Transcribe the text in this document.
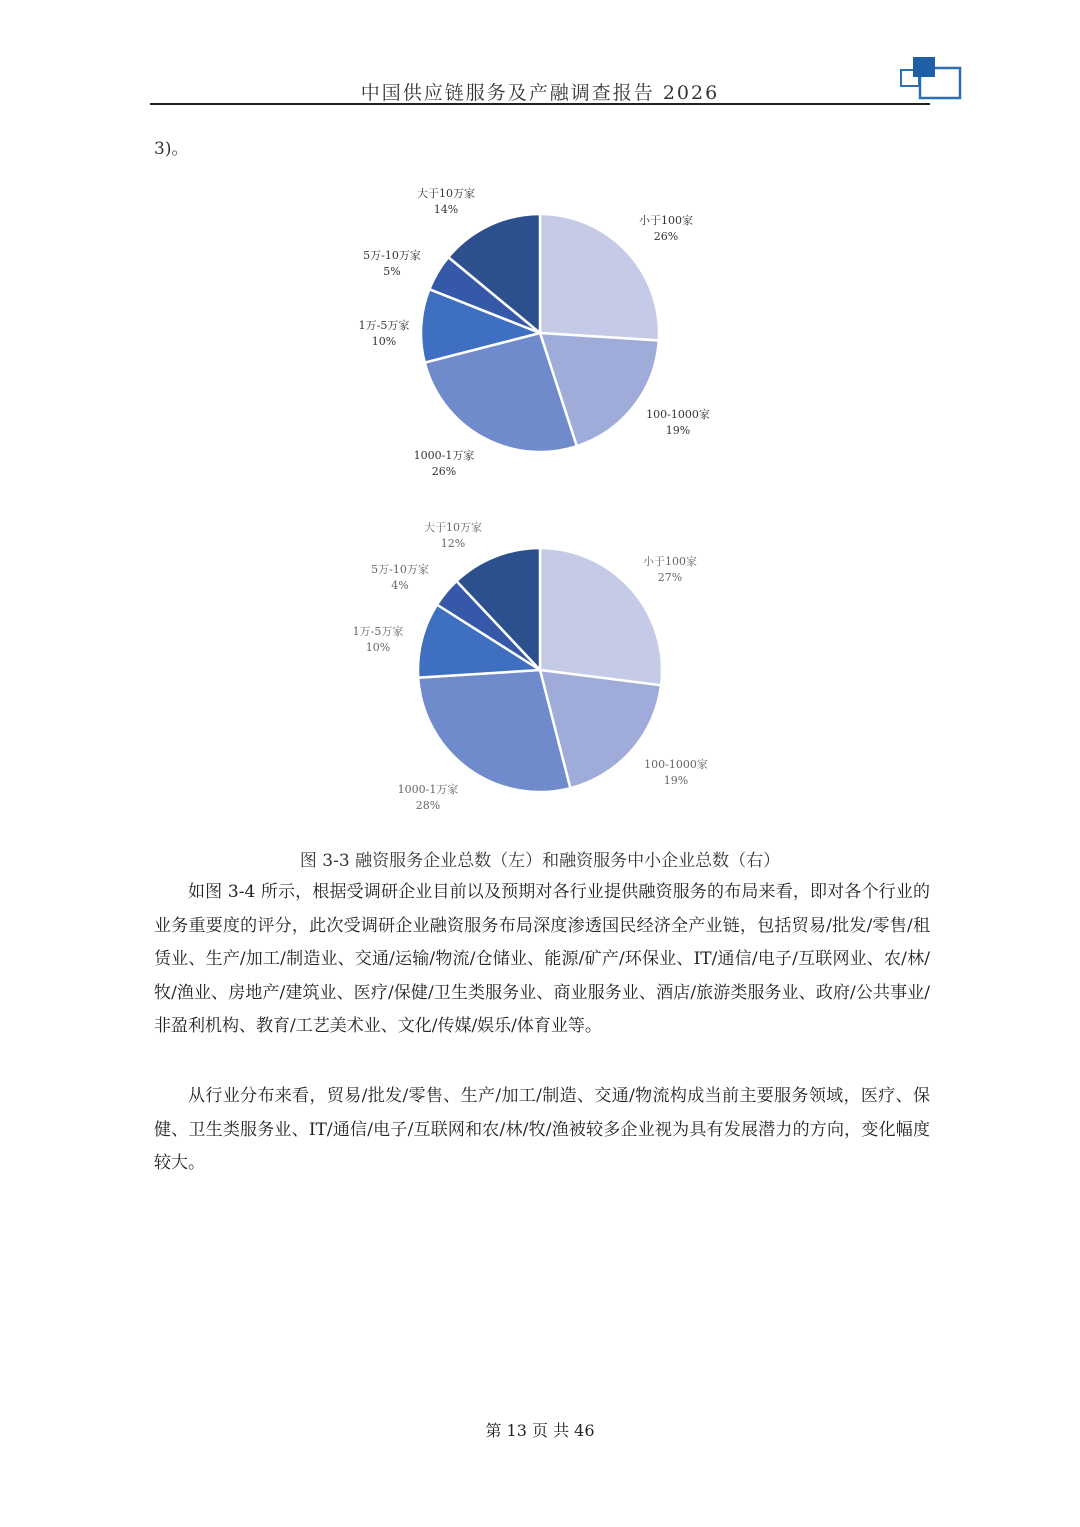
中国供应链服务及产融调查报告 2026
3)。
小于100家
26%
100-1000家
19%
1000-1万家
26%
1万-5万家
10%
5万-10万家
5%
大于10万家
14%
小于100家
27%
100-1000家
19%
1000-1万家
28%
1万-5万家
10%
5万-10万家
4%
大于10万家
12%
图 3-3 融资服务企业总数（左）和融资服务中小企业总数（右）

如图 3-4 所示，根据受调研企业目前以及预期对各行业提供融资服务的布局来看，即对各个行业的业务重要度的评分，此次受调研企业融资服务布局深度渗透国民经济全产业链，包括贸易/批发/零售/租赁业、生产/加工/制造业、交通/运输/物流/仓储业、能源/矿产/环保业、IT/通信/电子/互联网业、农/林/牧/渔业、房地产/建筑业、医疗/保健/卫生类服务业、商业服务业、酒店/旅游类服务业、政府/公共事业/非盈利机构、教育/工艺美术业、文化/传媒/娱乐/体育业等。

从行业分布来看，贸易/批发/零售、生产/加工/制造、交通/物流构成当前主要服务领域，医疗、保健、卫生类服务业、IT/通信/电子/互联网和农/林/牧/渔被较多企业视为具有发展潜力的方向，变化幅度较大。

第 13 页 共 46
